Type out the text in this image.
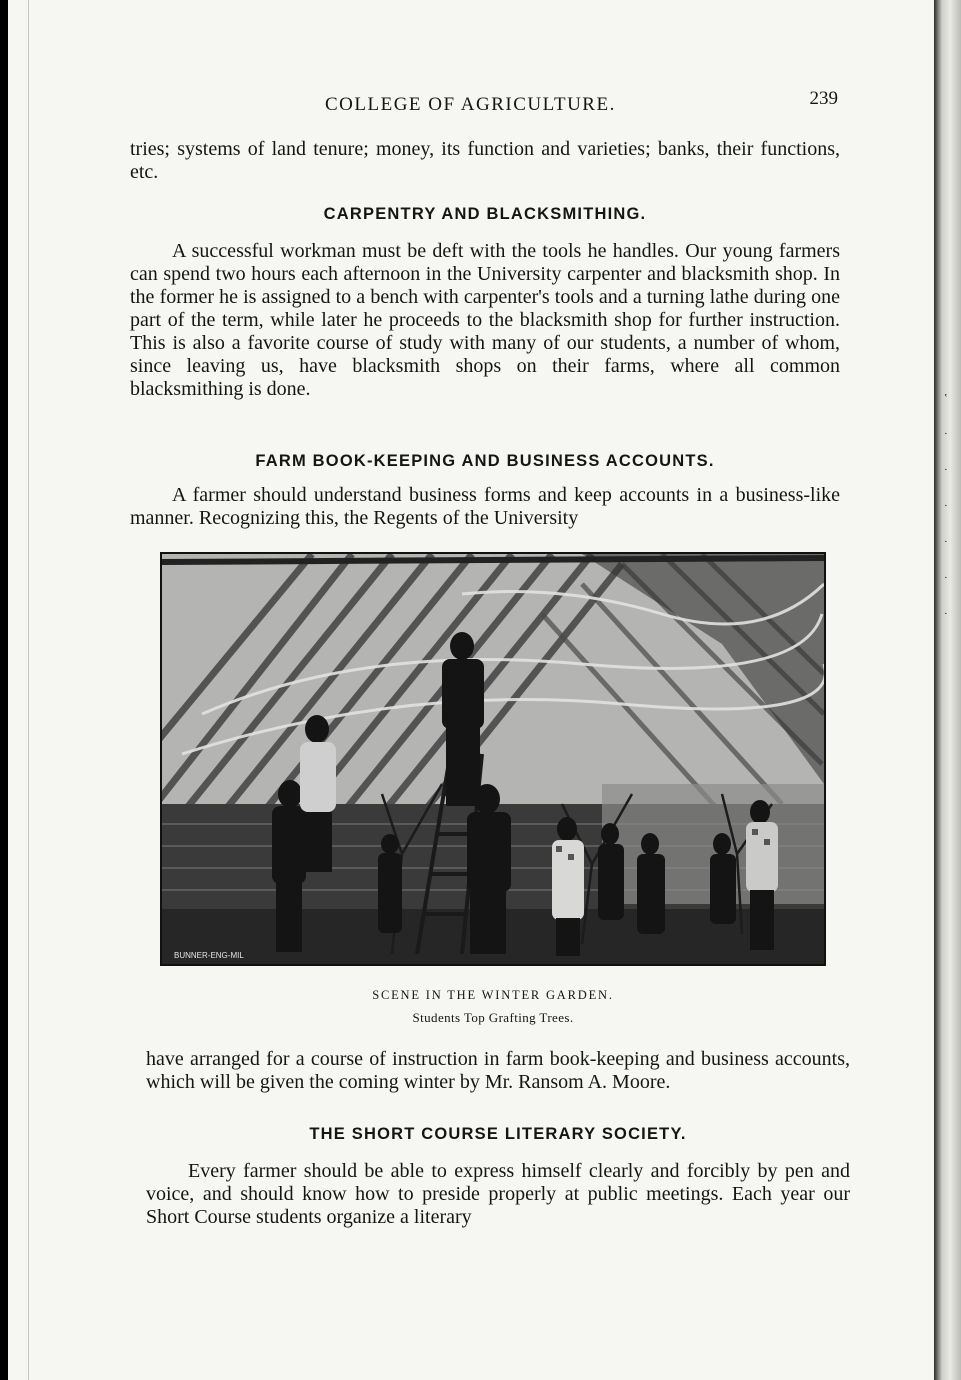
‛
·
·
·
·
·
·
COLLEGE OF AGRICULTURE.	239

tries; systems of land tenure; money, its function and varieties; banks, their functions, etc.

CARPENTRY AND BLACKSMITHING.

A successful workman must be deft with the tools he handles. Our young farmers can spend two hours each afternoon in the University carpenter and blacksmith shop. In the former he is assigned to a bench with carpenter's tools and a turning lathe during one part of the term, while later he proceeds to the blacksmith shop for further instruction. This is also a favorite course of study with many of our students, a number of whom, since leaving us, have blacksmith shops on their farms, where all common blacksmithing is done.

FARM BOOK-KEEPING AND BUSINESS ACCOUNTS.

A farmer should understand business forms and keep accounts in a business-like manner. Recognizing this, the Regents of the University

BUNNER-ENG-MIL
SCENE IN THE WINTER GARDEN.
Students Top Grafting Trees.

have arranged for a course of instruction in farm book-keeping and business accounts, which will be given the coming winter by Mr. Ransom A. Moore.

THE SHORT COURSE LITERARY SOCIETY.

Every farmer should be able to express himself clearly and forcibly by pen and voice, and should know how to preside properly at public meetings. Each year our Short Course students organize a literary
